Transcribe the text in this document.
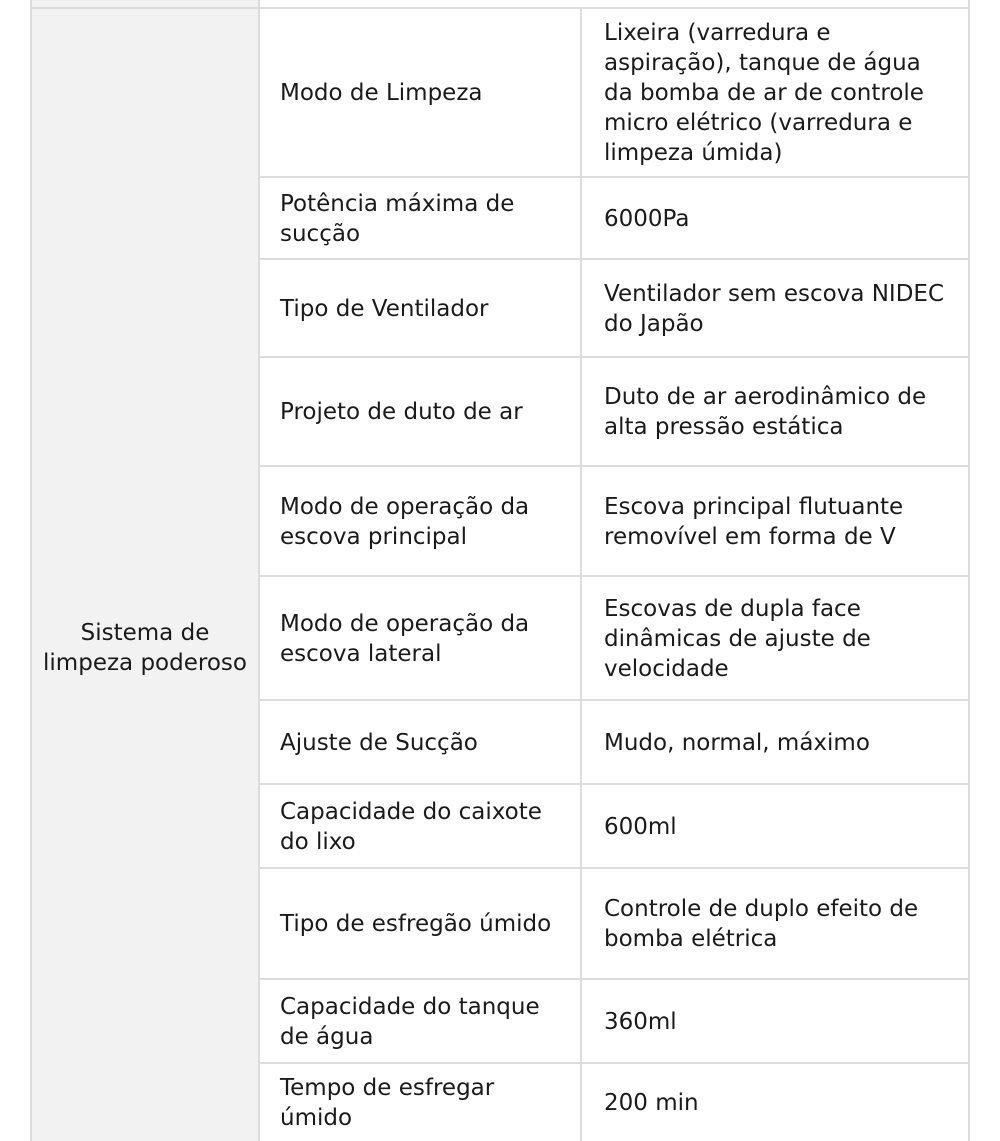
Sistema de limpeza poderoso
Modo de Limpeza
Lixeira (varredura e aspiração), tanque de água da bomba de ar de controle micro elétrico (varredura e limpeza úmida)
Potência máxima de sucção
6000Pa
Tipo de Ventilador
Ventilador sem escova NIDEC do Japão
Projeto de duto de ar
Duto de ar aerodinâmico de alta pressão estática
Modo de operação da escova principal
Escova principal flutuante removível em forma de V
Modo de operação da escova lateral
Escovas de dupla face dinâmicas de ajuste de velocidade
Ajuste de Sucção	Mudo, normal, máximo
Capacidade do caixote do lixo
600ml
Tipo de esfregão úmido
Controle de duplo efeito de bomba elétrica
Capacidade do tanque de água
360ml
Tempo de esfregar úmido
200 min
